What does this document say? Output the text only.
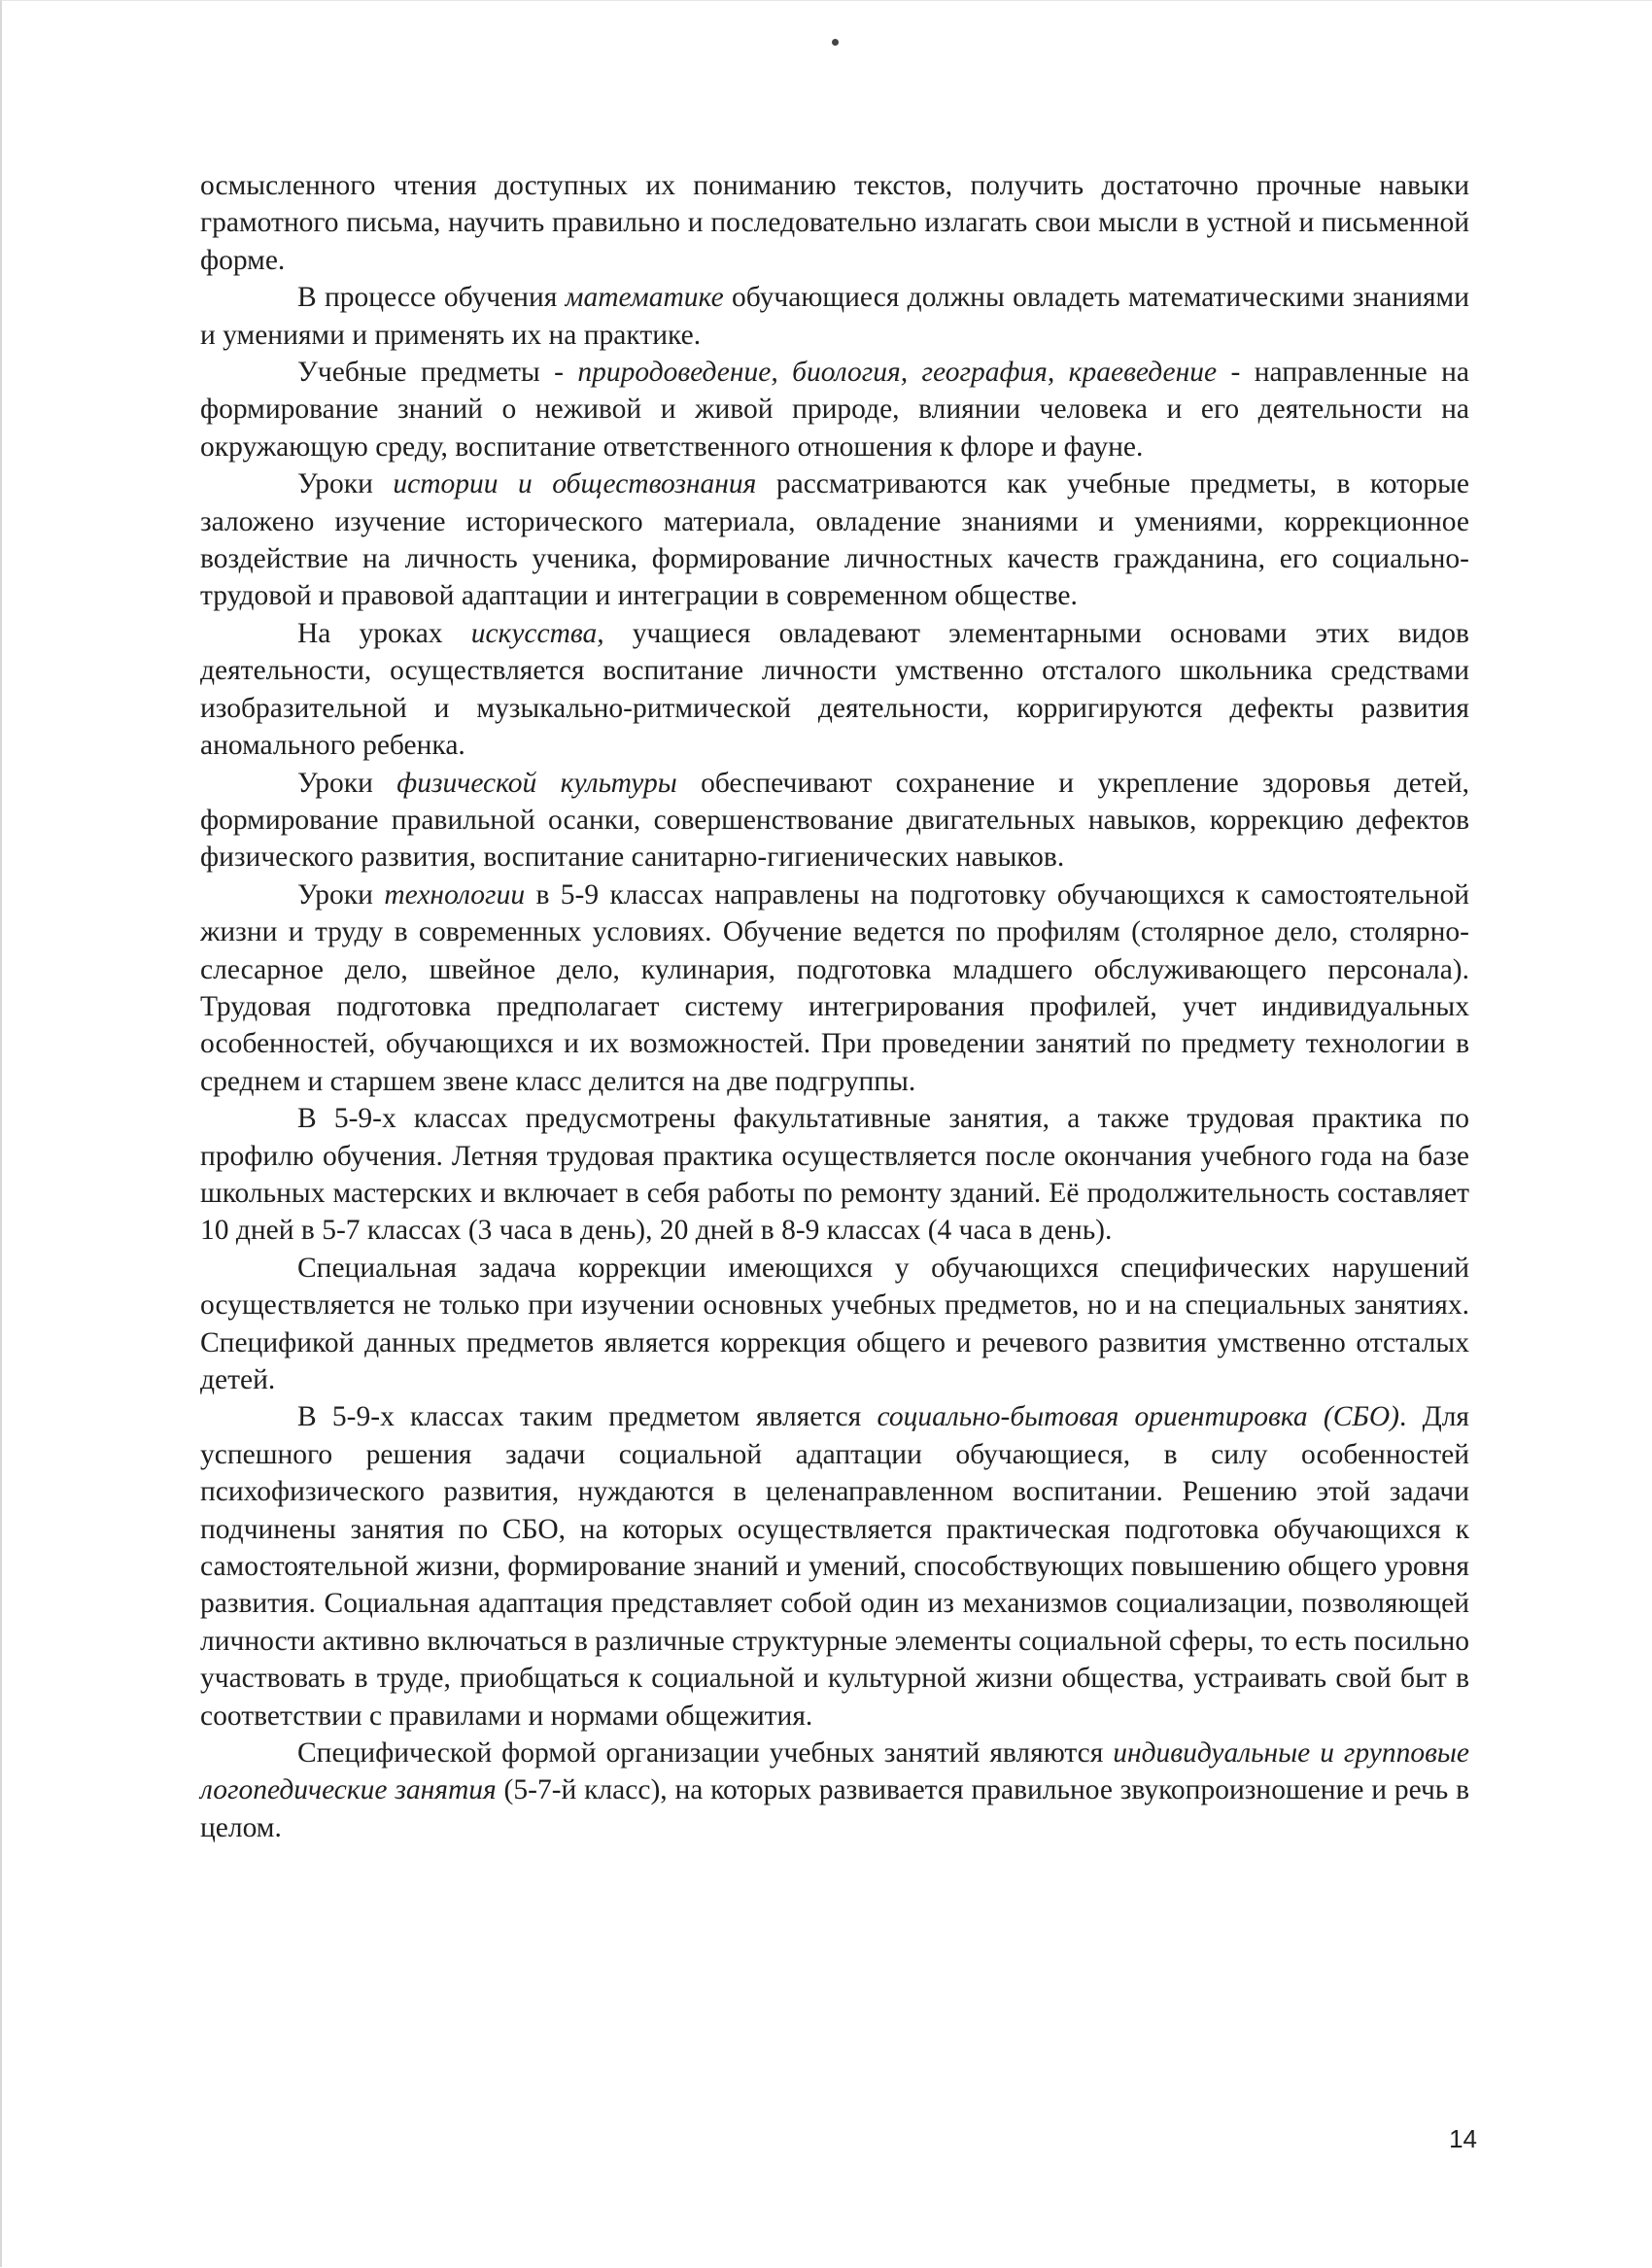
осмысленного чтения доступных их пониманию текстов, получить достаточно прочные навыки грамотного письма, научить правильно и последовательно излагать свои мысли в устной и письменной форме.

В процессе обучения математике обучающиеся должны овладеть математическими знаниями и умениями и применять их на практике.

Учебные предметы - природоведение, биология, география, краеведение - направленные на формирование знаний о неживой и живой природе, влиянии человека и его деятельности на окружающую среду, воспитание ответственного отношения к флоре и фауне.

Уроки истории и обществознания рассматриваются как учебные предметы, в которые заложено изучение исторического материала, овладение знаниями и умениями, коррекционное воздействие на личность ученика, формирование личностных качеств гражданина, его социально-трудовой и правовой адаптации и интеграции в современном обществе.

На уроках искусства, учащиеся овладевают элементарными основами этих видов деятельности, осуществляется воспитание личности умственно отсталого школьника средствами изобразительной и музыкально-ритмической деятельности, корригируются дефекты развития аномального ребенка.

Уроки физической культуры обеспечивают сохранение и укрепление здоровья детей, формирование правильной осанки, совершенствование двигательных навыков, коррекцию дефектов физического развития, воспитание санитарно-гигиенических навыков.

Уроки технологии в 5-9 классах направлены на подготовку обучающихся к самостоятельной жизни и труду в современных условиях. Обучение ведется по профилям (столярное дело, столярно-слесарное дело, швейное дело, кулинария, подготовка младшего обслуживающего персонала). Трудовая подготовка предполагает систему интегрирования профилей, учет индивидуальных особенностей, обучающихся и их возможностей. При проведении занятий по предмету технологии в среднем и старшем звене класс делится на две подгруппы.

В 5-9-х классах предусмотрены факультативные занятия, а также трудовая практика по профилю обучения. Летняя трудовая практика осуществляется после окончания учебного года на базе школьных мастерских и включает в себя работы по ремонту зданий. Её продолжительность составляет 10 дней в 5-7 классах (3 часа в день), 20 дней в 8-9 классах (4 часа в день).

Специальная задача коррекции имеющихся у обучающихся специфических нарушений осуществляется не только при изучении основных учебных предметов, но и на специальных занятиях. Спецификой данных предметов является коррекция общего и речевого развития умственно отсталых детей.

В 5-9-х классах таким предметом является социально-бытовая ориентировка (СБО). Для успешного решения задачи социальной адаптации обучающиеся, в силу особенностей психофизического развития, нуждаются в целенаправленном воспитании. Решению этой задачи подчинены занятия по СБО, на которых осуществляется практическая подготовка обучающихся к самостоятельной жизни, формирование знаний и умений, способствующих повышению общего уровня развития. Социальная адаптация представляет собой один из механизмов социализации, позволяющей личности активно включаться в различные структурные элементы социальной сферы, то есть посильно участвовать в труде, приобщаться к социальной и культурной жизни общества, устраивать свой быт в соответствии с правилами и нормами общежития.

Специфической формой организации учебных занятий являются индивидуальные и групповые логопедические занятия (5-7-й класс), на которых развивается правильное звукопроизношение и речь в целом.

14
